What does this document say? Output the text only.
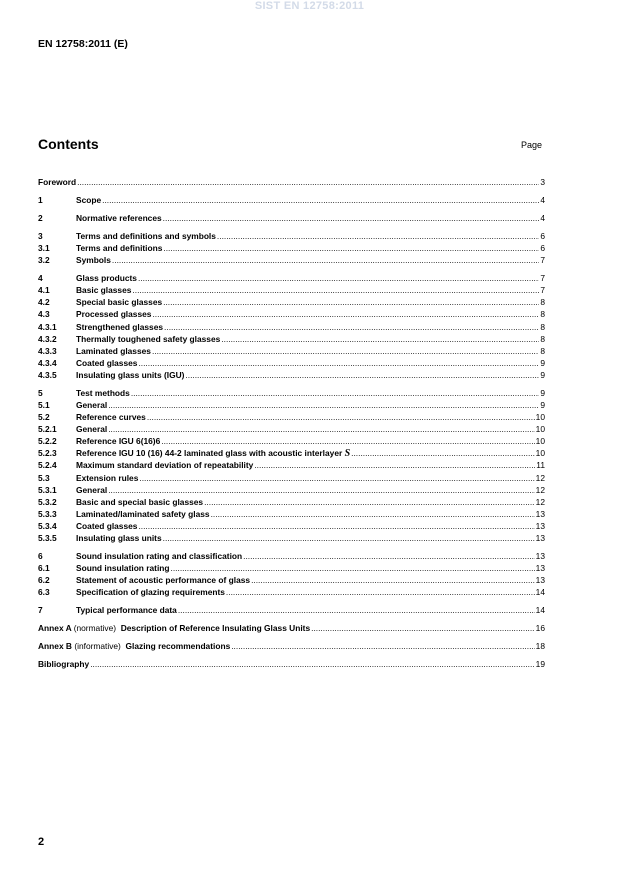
SIST EN 12758:2011
EN 12758:2011 (E)
Contents	Page
Foreword .....	3
1	Scope .....	4
2	Normative references .....	4
3	Terms and definitions and symbols .....	6
3.1	Terms and definitions .....	6
3.2	Symbols .....	7
4	Glass products .....	7
4.1	Basic glasses .....	7
4.2	Special basic glasses .....	8
4.3	Processed glasses .....	8
4.3.1	Strengthened glasses .....	8
4.3.2	Thermally toughened safety glasses .....	8
4.3.3	Laminated glasses .....	8
4.3.4	Coated glasses .....	9
4.3.5	Insulating glass units (IGU) .....	9
5	Test methods .....	9
5.1	General .....	9
5.2	Reference curves .....	10
5.2.1	General .....	10
5.2.2	Reference IGU 6(16)6 .....	10
5.2.3	Reference IGU 10 (16) 44-2 laminated glass with acoustic interlayer S .....	10
5.2.4	Maximum standard deviation of repeatability .....	11
5.3	Extension rules .....	12
5.3.1	General .....	12
5.3.2	Basic and special basic glasses .....	12
5.3.3	Laminated/laminated safety glass .....	13
5.3.4	Coated glasses .....	13
5.3.5	Insulating glass units .....	13
6	Sound insulation rating and classification .....	13
6.1	Sound insulation rating .....	13
6.2	Statement of acoustic performance of glass .....	13
6.3	Specification of glazing requirements .....	14
7	Typical performance data .....	14
Annex A (normative)  Description of Reference Insulating Glass Units .....	16
Annex B (informative)  Glazing recommendations .....	18
Bibliography .....	19
2
